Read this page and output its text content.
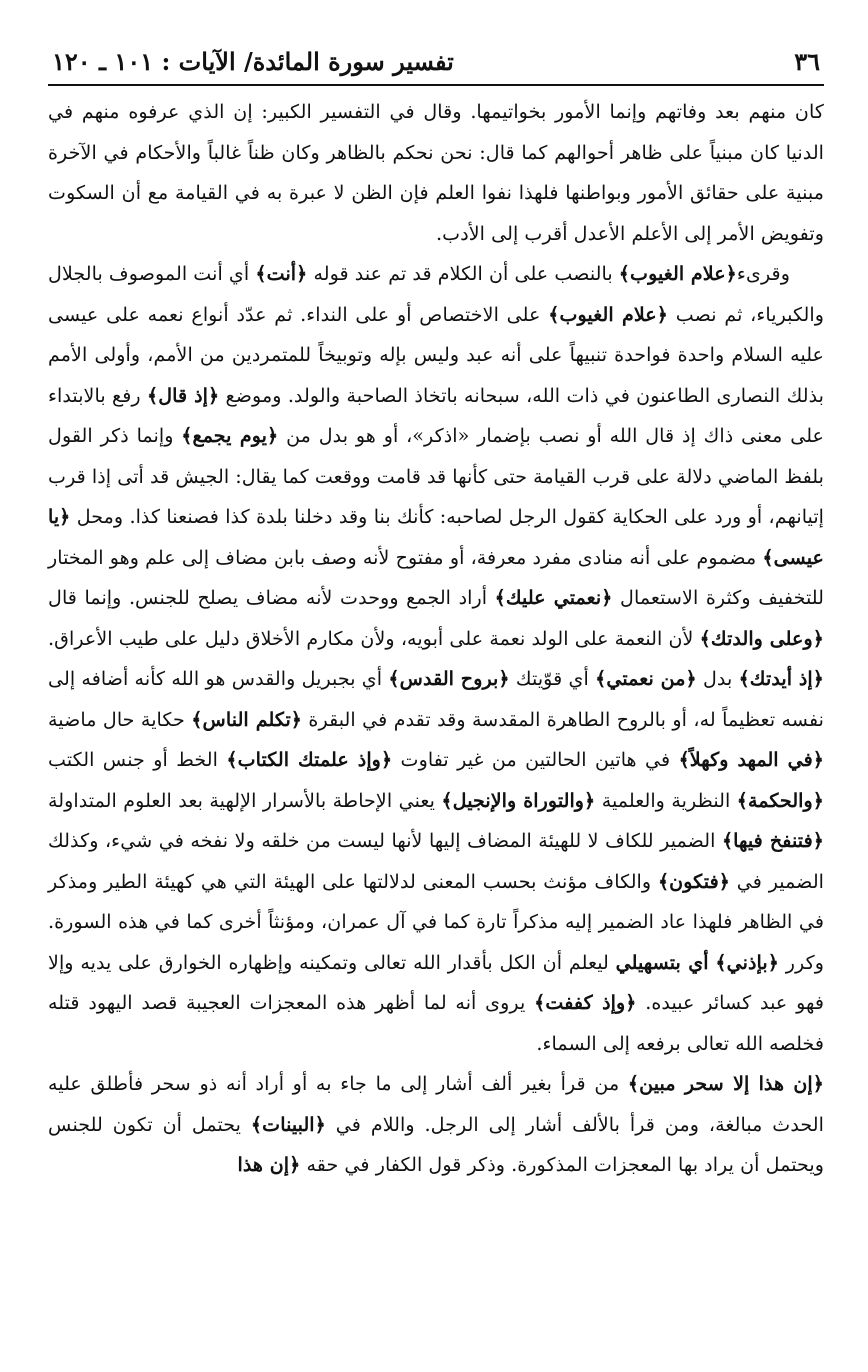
٣٦
تفسير سورة المائدة/ الآيات : ١٠١ ـ ١٢٠

كان منهم بعد وفاتهم وإنما الأمور بخواتيمها. وقال في التفسير الكبير: إن الذي عرفوه منهم في الدنيا كان مبنياً على ظاهر أحوالهم كما قال: نحن نحكم بالظاهر وكان ظناً غالباً والأحكام في الآخرة مبنية على حقائق الأمور وبواطنها فلهذا نفوا العلم فإن الظن لا عبرة به في القيامة مع أن السكوت وتفويض الأمر إلى الأعلم الأعدل أقرب إلى الأدب.

وقرىء﴿علام الغيوب﴾ بالنصب على أن الكلام قد تم عند قوله ﴿أنت﴾ أي أنت الموصوف بالجلال والكبرياء، ثم نصب ﴿علام الغيوب﴾ على الاختصاص أو على النداء. ثم عدّد أنواع نعمه على عيسى عليه السلام واحدة فواحدة تنبيهاً على أنه عبد وليس بإله وتوبيخاً للمتمردين من الأمم، وأولى الأمم بذلك النصارى الطاعنون في ذات الله، سبحانه باتخاذ الصاحبة والولد. وموضع ﴿إذ قال﴾ رفع بالابتداء على معنى ذاك إذ قال الله أو نصب بإضمار «اذكر»، أو هو بدل من ﴿يوم يجمع﴾ وإنما ذكر القول بلفظ الماضي دلالة على قرب القيامة حتى كأنها قد قامت ووقعت كما يقال: الجيش قد أتى إذا قرب إتيانهم، أو ورد على الحكاية كقول الرجل لصاحبه: كأنك بنا وقد دخلنا بلدة كذا فصنعنا كذا. ومحل ﴿يا عيسى﴾ مضموم على أنه منادى مفرد معرفة، أو مفتوح لأنه وصف بابن مضاف إلى علم وهو المختار للتخفيف وكثرة الاستعمال ﴿نعمتي عليك﴾ أراد الجمع ووحدت لأنه مضاف يصلح للجنس. وإنما قال ﴿وعلى والدتك﴾ لأن النعمة على الولد نعمة على أبويه، ولأن مكارم الأخلاق دليل على طيب الأعراق. ﴿إذ أيدتك﴾ بدل ﴿من نعمتي﴾ أي قوّيتك ﴿بروح القدس﴾ أي بجبريل والقدس هو الله كأنه أضافه إلى نفسه تعظيماً له، أو بالروح الطاهرة المقدسة وقد تقدم في البقرة ﴿تكلم الناس﴾ حكاية حال ماضية ﴿في المهد وكهلاً﴾ في هاتين الحالتين من غير تفاوت ﴿وإذ علمتك الكتاب﴾ الخط أو جنس الكتب ﴿والحكمة﴾ النظرية والعلمية ﴿والتوراة والإنجيل﴾ يعني الإحاطة بالأسرار الإلهية بعد العلوم المتداولة ﴿فتنفخ فيها﴾ الضمير للكاف لا للهيئة المضاف إليها لأنها ليست من خلقه ولا نفخه في شيء، وكذلك الضمير في ﴿فتكون﴾ والكاف مؤنث بحسب المعنى لدلالتها على الهيئة التي هي كهيئة الطير ومذكر في الظاهر فلهذا عاد الضمير إليه مذكراً تارة كما في آل عمران، ومؤنثاً أخرى كما في هذه السورة. وكرر ﴿بإذني﴾ أي بتسهيلي ليعلم أن الكل بأقدار الله تعالى وتمكينه وإظهاره الخوارق على يديه وإلا فهو عبد كسائر عبيده. ﴿وإذ كففت﴾ يروى أنه لما أظهر هذه المعجزات العجيبة قصد اليهود قتله فخلصه الله تعالى برفعه إلى السماء.

﴿إن هذا إلا سحر مبين﴾ من قرأ بغير ألف أشار إلى ما جاء به أو أراد أنه ذو سحر فأطلق عليه الحدث مبالغة، ومن قرأ بالألف أشار إلى الرجل. واللام في ﴿البينات﴾ يحتمل أن تكون للجنس ويحتمل أن يراد بها المعجزات المذكورة. وذكر قول الكفار في حقه ﴿إن هذا
